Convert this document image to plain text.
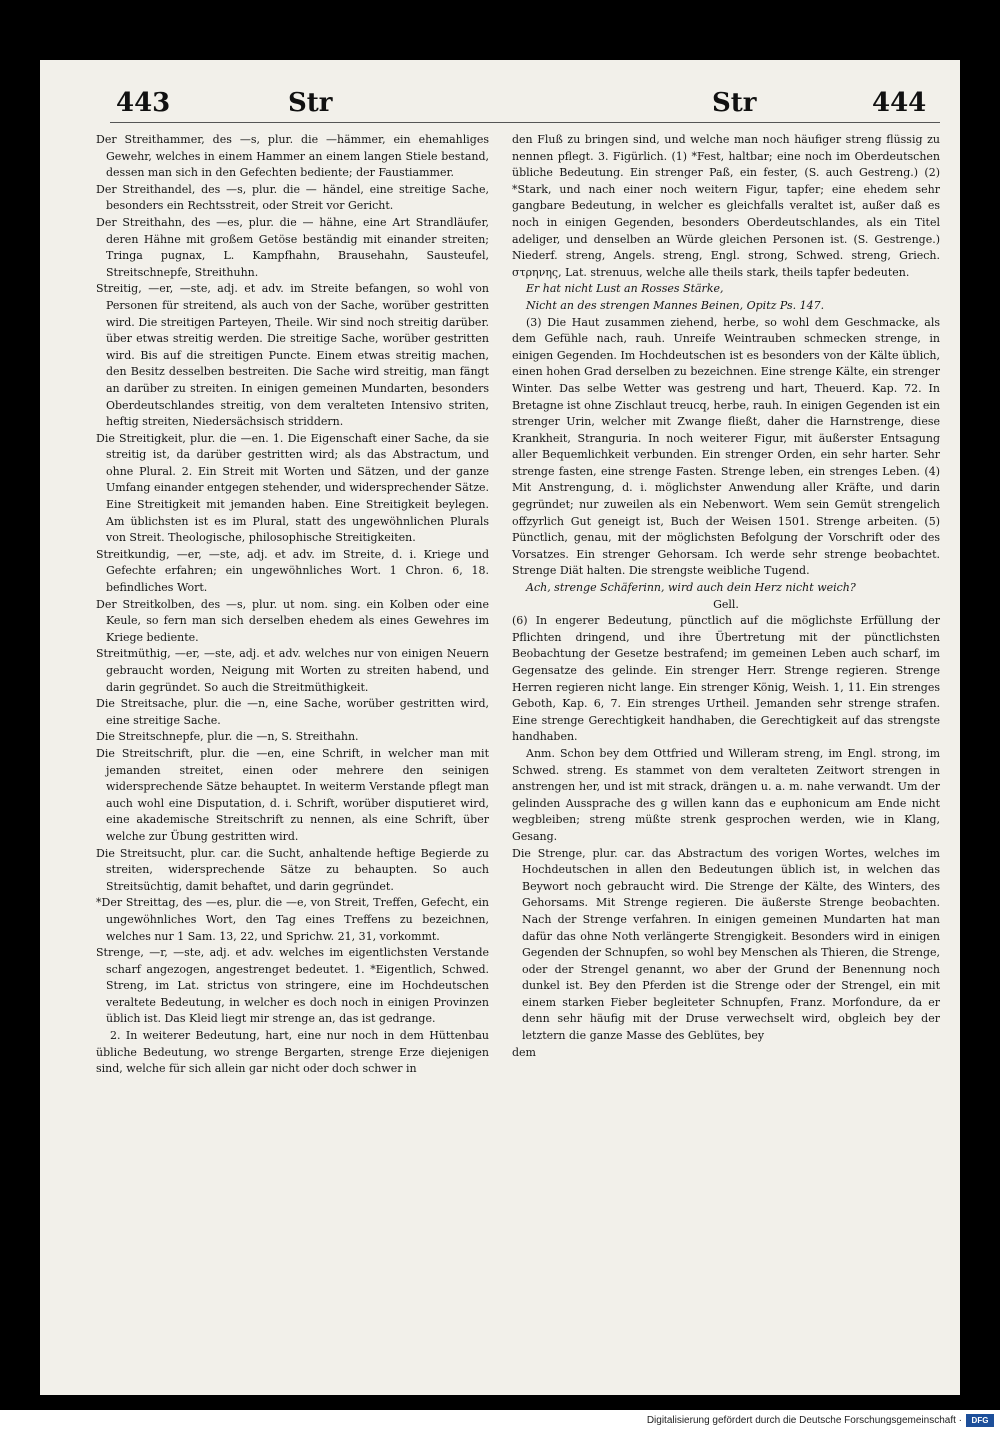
443	Str	Str	444

Der Streithammer, des —s, plur. die —hämmer, ein ehemahliges Gewehr, welches in einem Hammer an einem langen Stiele bestand, dessen man sich in den Gefechten bediente; der Faustiammer.

Der Streithandel, des —s, plur. die — händel, eine streitige Sache, besonders ein Rechtsstreit, oder Streit vor Gericht.

Der Streithahn, des —es, plur. die — hähne, eine Art Strandläufer, deren Hähne mit großem Getöse beständig mit einander streiten; Tringa pugnax, L. Kampfhahn, Brausehahn, Sausteufel, Streitschnepfe, Streithuhn.

Streitig, —er, —ste, adj. et adv. im Streite befangen, so wohl von Personen für streitend, als auch von der Sache, worüber gestritten wird. Die streitigen Parteyen, Theile. Wir sind noch streitig darüber. über etwas streitig werden. Die streitige Sache, worüber gestritten wird. Bis auf die streitigen Puncte. Einem etwas streitig machen, den Besitz desselben bestreiten. Die Sache wird streitig, man fängt an darüber zu streiten. In einigen gemeinen Mundarten, besonders Oberdeutschlandes streitig, von dem veralteten Intensivo striten, heftig streiten, Niedersächsisch striddern.

Die Streitigkeit, plur. die —en. 1. Die Eigenschaft einer Sache, da sie streitig ist, da darüber gestritten wird; als das Abstractum, und ohne Plural. 2. Ein Streit mit Worten und Sätzen, und der ganze Umfang einander entgegen stehender, und widersprechender Sätze. Eine Streitigkeit mit jemanden haben. Eine Streitigkeit beylegen. Am üblichsten ist es im Plural, statt des ungewöhnlichen Plurals von Streit. Theologische, philosophische Streitigkeiten.

Streitkundig, —er, —ste, adj. et adv. im Streite, d. i. Kriege und Gefechte erfahren; ein ungewöhnliches Wort. 1 Chron. 6, 18. befindliches Wort.

Der Streitkolben, des —s, plur. ut nom. sing. ein Kolben oder eine Keule, so fern man sich derselben ehedem als eines Gewehres im Kriege bediente.

Streitmüthig, —er, —ste, adj. et adv. welches nur von einigen Neuern gebraucht worden, Neigung mit Worten zu streiten habend, und darin gegründet. So auch die Streitmüthigkeit.

Die Streitsache, plur. die —n, eine Sache, worüber gestritten wird, eine streitige Sache.

Die Streitschnepfe, plur. die —n, S. Streithahn.

Die Streitschrift, plur. die —en, eine Schrift, in welcher man mit jemanden streitet, einen oder mehrere den seinigen widersprechende Sätze behauptet. In weiterm Verstande pflegt man auch wohl eine Disputation, d. i. Schrift, worüber disputieret wird, eine akademische Streitschrift zu nennen, als eine Schrift, über welche zur Übung gestritten wird.

Die Streitsucht, plur. car. die Sucht, anhaltende heftige Begierde zu streiten, widersprechende Sätze zu behaupten. So auch Streitsüchtig, damit behaftet, und darin gegründet.

*Der Streittag, des —es, plur. die —e, von Streit, Treffen, Gefecht, ein ungewöhnliches Wort, den Tag eines Treffens zu bezeichnen, welches nur 1 Sam. 13, 22, und Sprichw. 21, 31, vorkommt.

Strenge, —r, —ste, adj. et adv. welches im eigentlichsten Verstande scharf angezogen, angestrenget bedeutet. 1. *Eigentlich, Schwed. Streng, im Lat. strictus von stringere, eine im Hochdeutschen veraltete Bedeutung, in welcher es doch noch in einigen Provinzen üblich ist. Das Kleid liegt mir strenge an, das ist gedrange.

2. In weiterer Bedeutung, hart, eine nur noch in dem Hüttenbau übliche Bedeutung, wo strenge Bergarten, strenge Erze diejenigen sind, welche für sich allein gar nicht oder doch schwer in

den Fluß zu bringen sind, und welche man noch häufiger streng flüssig zu nennen pflegt. 3. Figürlich. (1) *Fest, haltbar; eine noch im Oberdeutschen übliche Bedeutung. Ein strenger Paß, ein fester, (S. auch Gestreng.) (2) *Stark, und nach einer noch weitern Figur, tapfer; eine ehedem sehr gangbare Bedeutung, in welcher es gleichfalls veraltet ist, außer daß es noch in einigen Gegenden, besonders Oberdeutschlandes, als ein Titel adeliger, und denselben an Würde gleichen Personen ist. (S. Gestrenge.) Niederf. streng, Angels. streng, Engl. strong, Schwed. streng, Griech. στρηνης, Lat. strenuus, welche alle theils stark, theils tapfer bedeuten.

Er hat nicht Lust an Rosses Stärke,

Nicht an des strengen Mannes Beinen, Opitz Ps. 147.

(3) Die Haut zusammen ziehend, herbe, so wohl dem Geschmacke, als dem Gefühle nach, rauh. Unreife Weintrauben schmecken strenge, in einigen Gegenden. Im Hochdeutschen ist es besonders von der Kälte üblich, einen hohen Grad derselben zu bezeichnen. Eine strenge Kälte, ein strenger Winter. Das selbe Wetter was gestreng und hart, Theuerd. Kap. 72. In Bretagne ist ohne Zischlaut treucq, herbe, rauh. In einigen Gegenden ist ein strenger Urin, welcher mit Zwange fließt, daher die Harnstrenge, diese Krankheit, Stranguria. In noch weiterer Figur, mit äußerster Entsagung aller Bequemlichkeit verbunden. Ein strenger Orden, ein sehr harter. Sehr strenge fasten, eine strenge Fasten. Strenge leben, ein strenges Leben. (4) Mit Anstrengung, d. i. möglichster Anwendung aller Kräfte, und darin gegründet; nur zuweilen als ein Nebenwort. Wem sein Gemüt strengelich offzyrlich Gut geneigt ist, Buch der Weisen 1501. Strenge arbeiten. (5) Pünctlich, genau, mit der möglichsten Befolgung der Vorschrift oder des Vorsatzes. Ein strenger Gehorsam. Ich werde sehr strenge beobachtet. Strenge Diät halten. Die strengste weibliche Tugend.

Ach, strenge Schäferinn, wird auch dein Herz nicht weich?

Gell.

(6) In engerer Bedeutung, pünctlich auf die möglichste Erfüllung der Pflichten dringend, und ihre Übertretung mit der pünctlichsten Beobachtung der Gesetze bestrafend; im gemeinen Leben auch scharf, im Gegensatze des gelinde. Ein strenger Herr. Strenge regieren. Strenge Herren regieren nicht lange. Ein strenger König, Weish. 1, 11. Ein strenges Geboth, Kap. 6, 7. Ein strenges Urtheil. Jemanden sehr strenge strafen. Eine strenge Gerechtigkeit handhaben, die Gerechtigkeit auf das strengste handhaben.

Anm. Schon bey dem Ottfried und Willeram streng, im Engl. strong, im Schwed. streng. Es stammet von dem veralteten Zeitwort strengen in anstrengen her, und ist mit strack, drängen u. a. m. nahe verwandt. Um der gelinden Aussprache des g willen kann das e euphonicum am Ende nicht wegbleiben; streng müßte strenk gesprochen werden, wie in Klang, Gesang.

Die Strenge, plur. car. das Abstractum des vorigen Wortes, welches im Hochdeutschen in allen den Bedeutungen üblich ist, in welchen das Beywort noch gebraucht wird. Die Strenge der Kälte, des Winters, des Gehorsams. Mit Strenge regieren. Die äußerste Strenge beobachten. Nach der Strenge verfahren. In einigen gemeinen Mundarten hat man dafür das ohne Noth verlängerte Strengigkeit. Besonders wird in einigen Gegenden der Schnupfen, so wohl bey Menschen als Thieren, die Strenge, oder der Strengel genannt, wo aber der Grund der Benennung noch dunkel ist. Bey den Pferden ist die Strenge oder der Strengel, ein mit einem starken Fieber begleiteter Schnupfen, Franz. Morfondure, da er denn sehr häufig mit der Druse verwechselt wird, obgleich bey der letztern die ganze Masse des Geblütes, bey

dem

Digitalisierung gefördert durch die Deutsche Forschungsgemeinschaft ·	DFG
